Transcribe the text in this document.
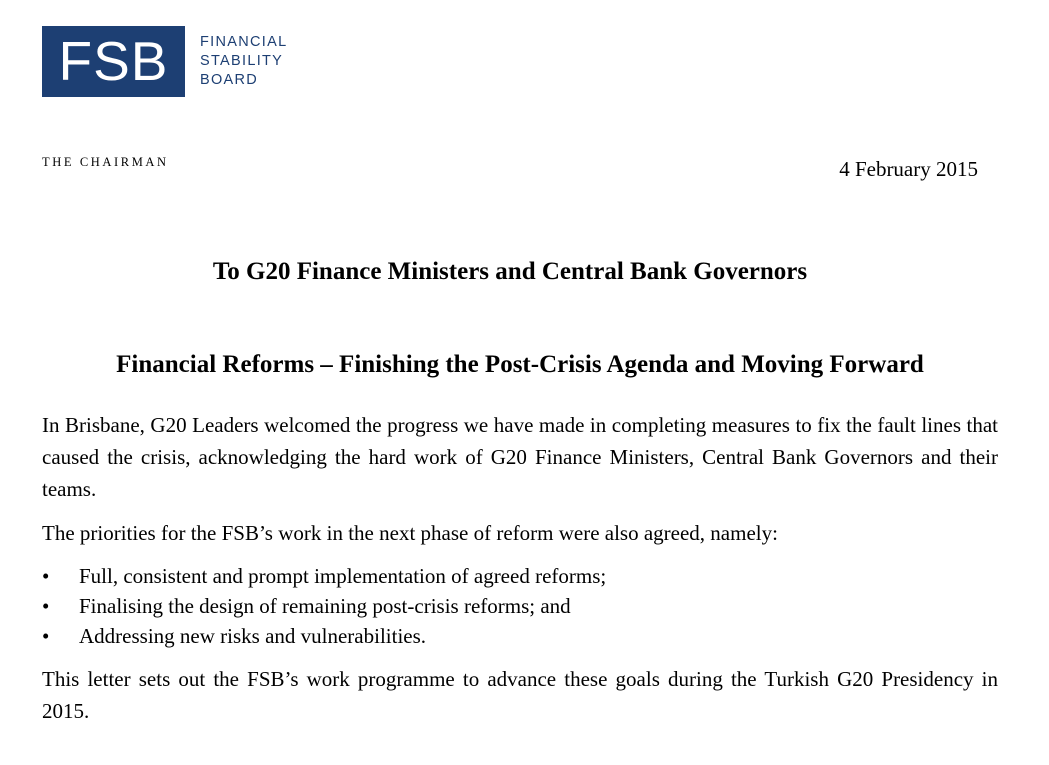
FSB FINANCIAL
STABILITY
BOARD
THE CHAIRMAN	4 February 2015
To G20 Finance Ministers and Central Bank Governors
Financial Reforms – Finishing the Post-Crisis Agenda and Moving Forward

In Brisbane, G20 Leaders welcomed the progress we have made in completing measures to fix the fault lines that caused the crisis, acknowledging the hard work of G20 Finance Ministers, Central Bank Governors and their teams.

The priorities for the FSB’s work in the next phase of reform were also agreed, namely:

• Full, consistent and prompt implementation of agreed reforms;
• Finalising the design of remaining post-crisis reforms; and
• Addressing new risks and vulnerabilities.

This letter sets out the FSB’s work programme to advance these goals during the Turkish G20 Presidency in 2015.
